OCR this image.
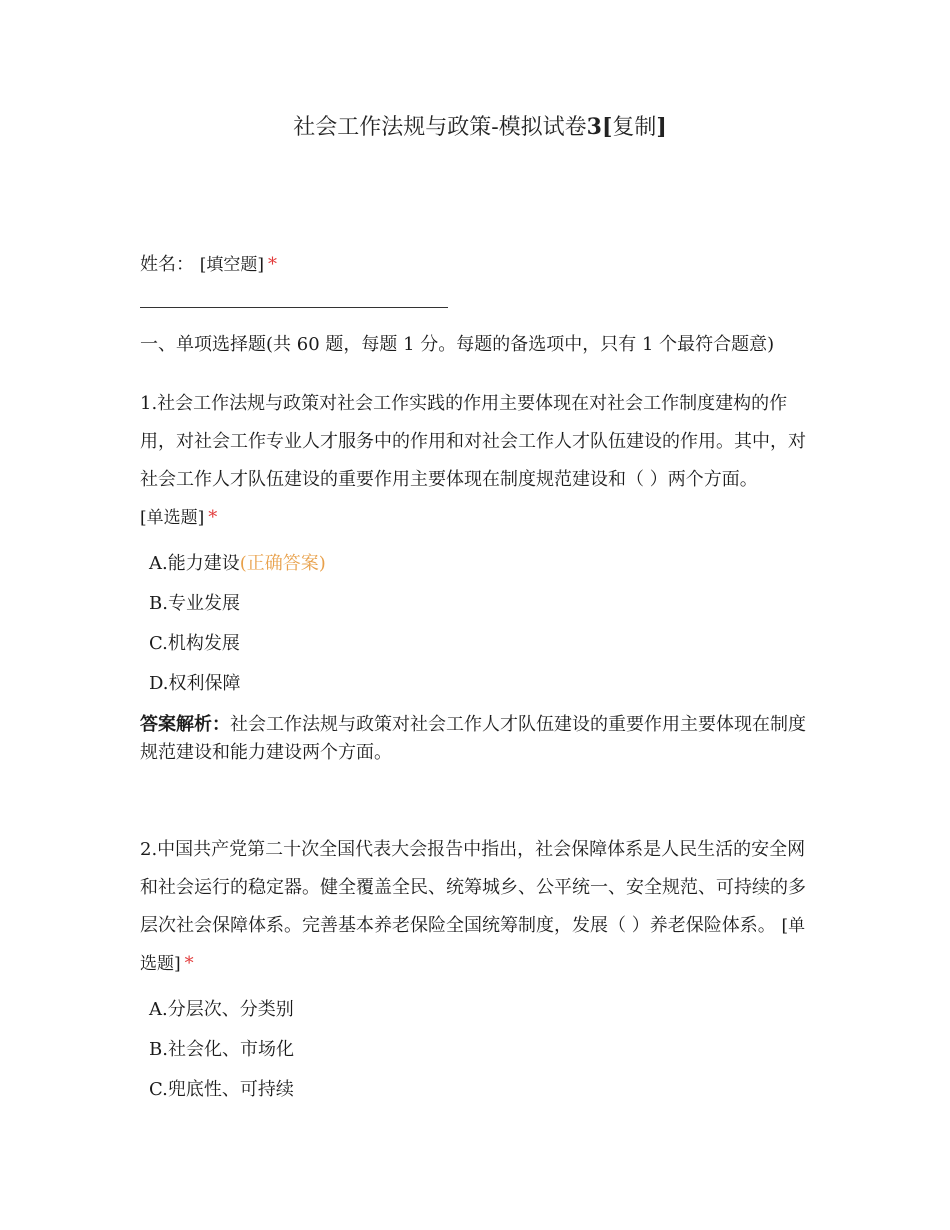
社会工作法规与政策-模拟试卷3[复制]
姓名： [填空题] *
一、单项选择题(共 60 题，每题 1 分。每题的备选项中，只有 1 个最符合题意)
1.社会工作法规与政策对社会工作实践的作用主要体现在对社会工作制度建构的作用，对社会工作专业人才服务中的作用和对社会工作人才队伍建设的作用。其中，对社会工作人才队伍建设的重要作用主要体现在制度规范建设和（ ）两个方面。
[单选题] *
A.能力建设(正确答案)
B.专业发展
C.机构发展
D.权利保障
答案解析：社会工作法规与政策对社会工作人才队伍建设的重要作用主要体现在制度规范建设和能力建设两个方面。
2.中国共产党第二十次全国代表大会报告中指出，社会保障体系是人民生活的安全网和社会运行的稳定器。健全覆盖全民、统筹城乡、公平统一、安全规范、可持续的多层次社会保障体系。完善基本养老保险全国统筹制度，发展（ ）养老保险体系。 [单选题] *
A.分层次、分类别
B.社会化、市场化
C.兜底性、可持续
